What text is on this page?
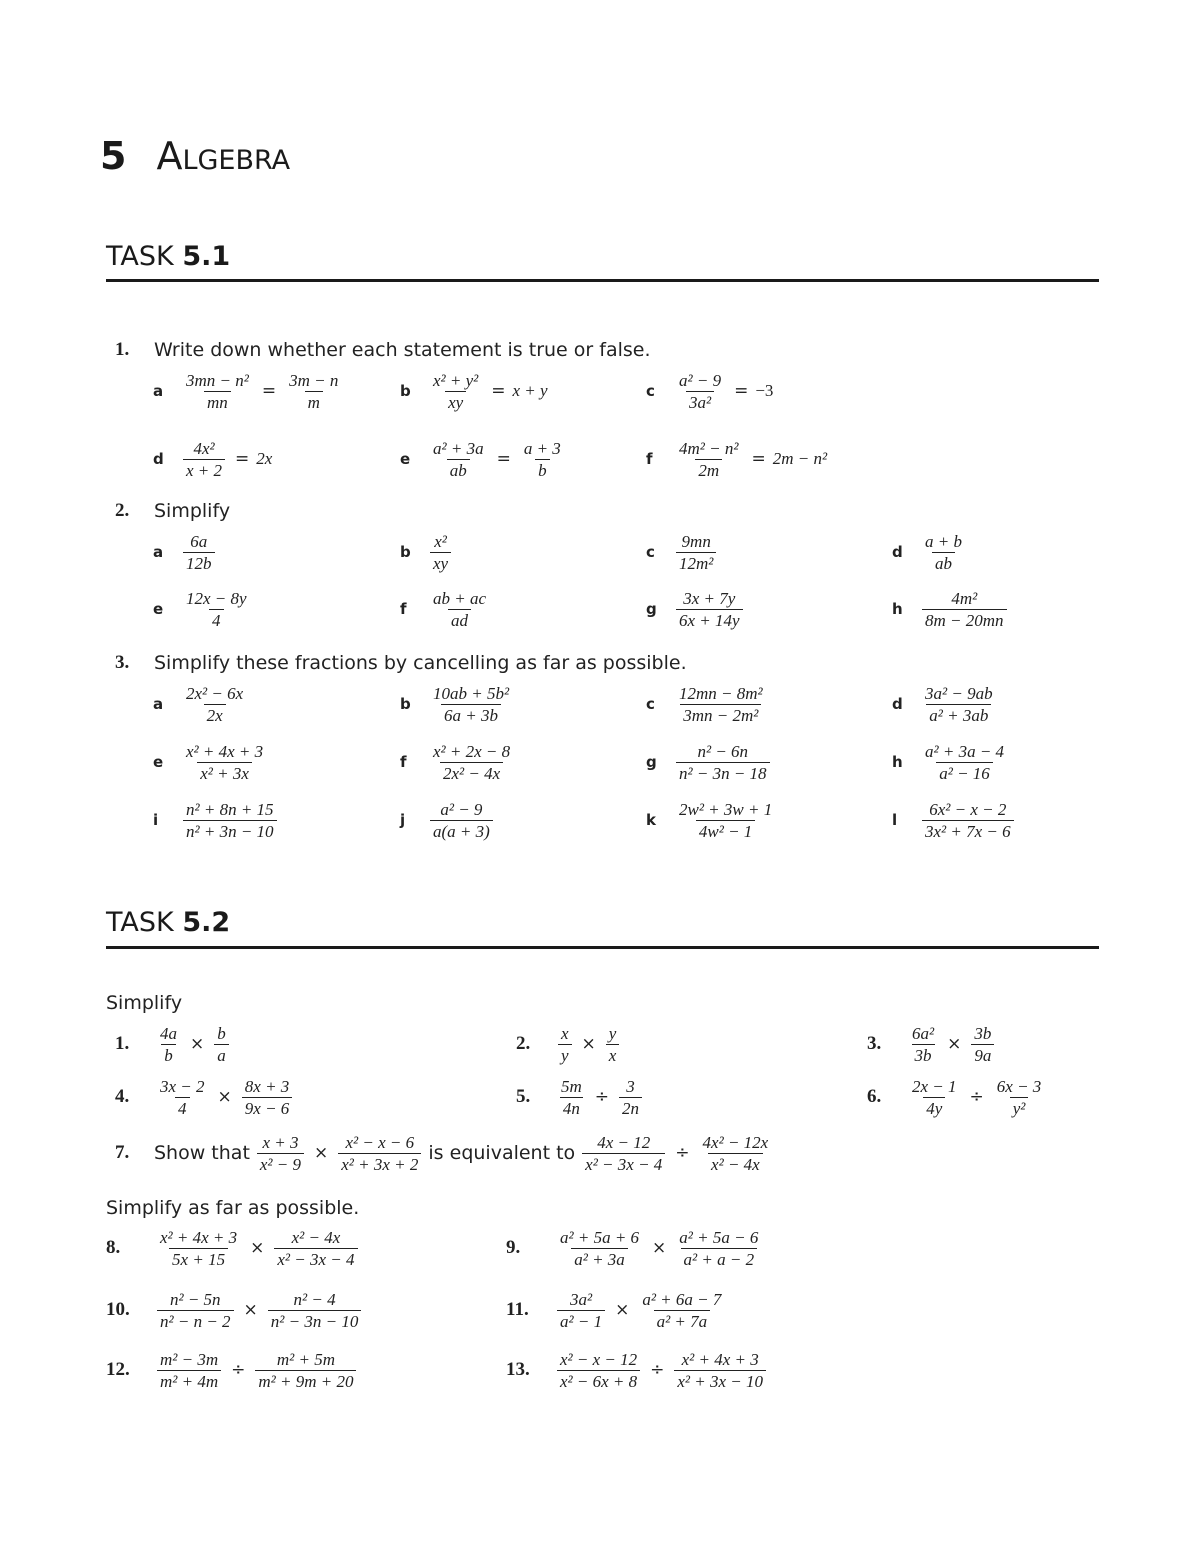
5 Algebra
TASK 5.1
1. Write down whether each statement is true or false.
a	$\frac{\text{3mn − n²}}{mn} = \frac{3m - n}{m}$	b	$\frac{\text{x² + y²}}{xy} = x + y$	c	$\frac{\text{a² − 9}}{\text{3a²}} = -3$
d	$\frac{\text{4x²}}{x + 2} = 2x$	e	$\frac{\text{a² + 3a}}{ab} = \frac{a + 3}{b}$	f	$\frac{\text{4m² − n²}}{2m} = 2m - n^2$
2. Simplify
a	$\frac{6a}{12b}$	b	$\frac{\text{x²}}{xy}$	c	$\frac{9mn}{\text{12m²}}$	d	$\frac{a + b}{ab}$
e	$\frac{12x - 8y}{4}$	f	$\frac{ab + ac}{ad}$	g	$\frac{3x + 7y}{6x + 14y}$	h	$\frac{\text{4m²}}{8m - 20mn}$
3. Simplify these fractions by cancelling as far as possible.
a	$\frac{\text{2x² − 6x}}{2x}$	b	$\frac{\text{10ab + 5b²}}{6a + 3b}$	c	$\frac{\text{12mn − 8m²}}{\text{3mn − 2m²}}$	d	$\frac{\text{3a² − 9ab}}{\text{a² + 3ab}}$
e	$\frac{\text{x² + 4x + 3}}{\text{x² + 3x}}$	f	$\frac{\text{x² + 2x − 8}}{\text{2x² − 4x}}$	g	$\frac{\text{n² − 6n}}{\text{n² − 3n − 18}}$	h	$\frac{\text{a² + 3a − 4}}{\text{a² − 16}}$
i	$\frac{\text{n² + 8n + 15}}{\text{n² + 3n − 10}}$	j	$\frac{\text{a² − 9}}{a(a + 3)}$	k	$\frac{\text{2w² + 3w + 1}}{\text{4w² − 1}}$	l	$\frac{\text{6x² − x − 2}}{\text{3x² + 7x − 6}}$
TASK 5.2
Simplify
1.	$\frac{4a}{b} \times \frac{b}{a}$	2.	$\frac{x}{y} \times \frac{y}{x}$	3.	$\frac{\text{6a²}}{3b} \times \frac{3b}{9a}$
4.	$\frac{3x - 2}{4} \times \frac{8x + 3}{9x - 6}$	5.	$\frac{5m}{4n} \div \frac{3}{2n}$	6.	$\frac{2x - 1}{4y} \div \frac{6x - 3}{\text{y²}}$
7.	Show that $\frac{x + 3}{\text{x² − 9}} \times \frac{\text{x² − x − 6}}{\text{x² + 3x + 2}}$ is equivalent to $\frac{4x - 12}{\text{x² − 3x − 4}} \div \frac{\text{4x² − 12x}}{\text{x² − 4x}}$
Simplify as far as possible.
8.	$\frac{\text{x² + 4x + 3}}{5x + 15} \times \frac{\text{x² − 4x}}{\text{x² − 3x − 4}}$	9.	$\frac{\text{a² + 5a + 6}}{\text{a² + 3a}} \times \frac{\text{a² + 5a − 6}}{\text{a² + a − 2}}$
10.	$\frac{\text{n² − 5n}}{\text{n² − n − 2}} \times \frac{\text{n² − 4}}{\text{n² − 3n − 10}}$	11.	$\frac{\text{3a²}}{\text{a² − 1}} \times \frac{\text{a² + 6a − 7}}{\text{a² + 7a}}$
12.	$\frac{\text{m² − 3m}}{\text{m² + 4m}} \div \frac{\text{m² + 5m}}{\text{m² + 9m + 20}}$	13.	$\frac{\text{x² − x − 12}}{\text{x² − 6x + 8}} \div \frac{\text{x² + 4x + 3}}{\text{x² + 3x − 10}}$
